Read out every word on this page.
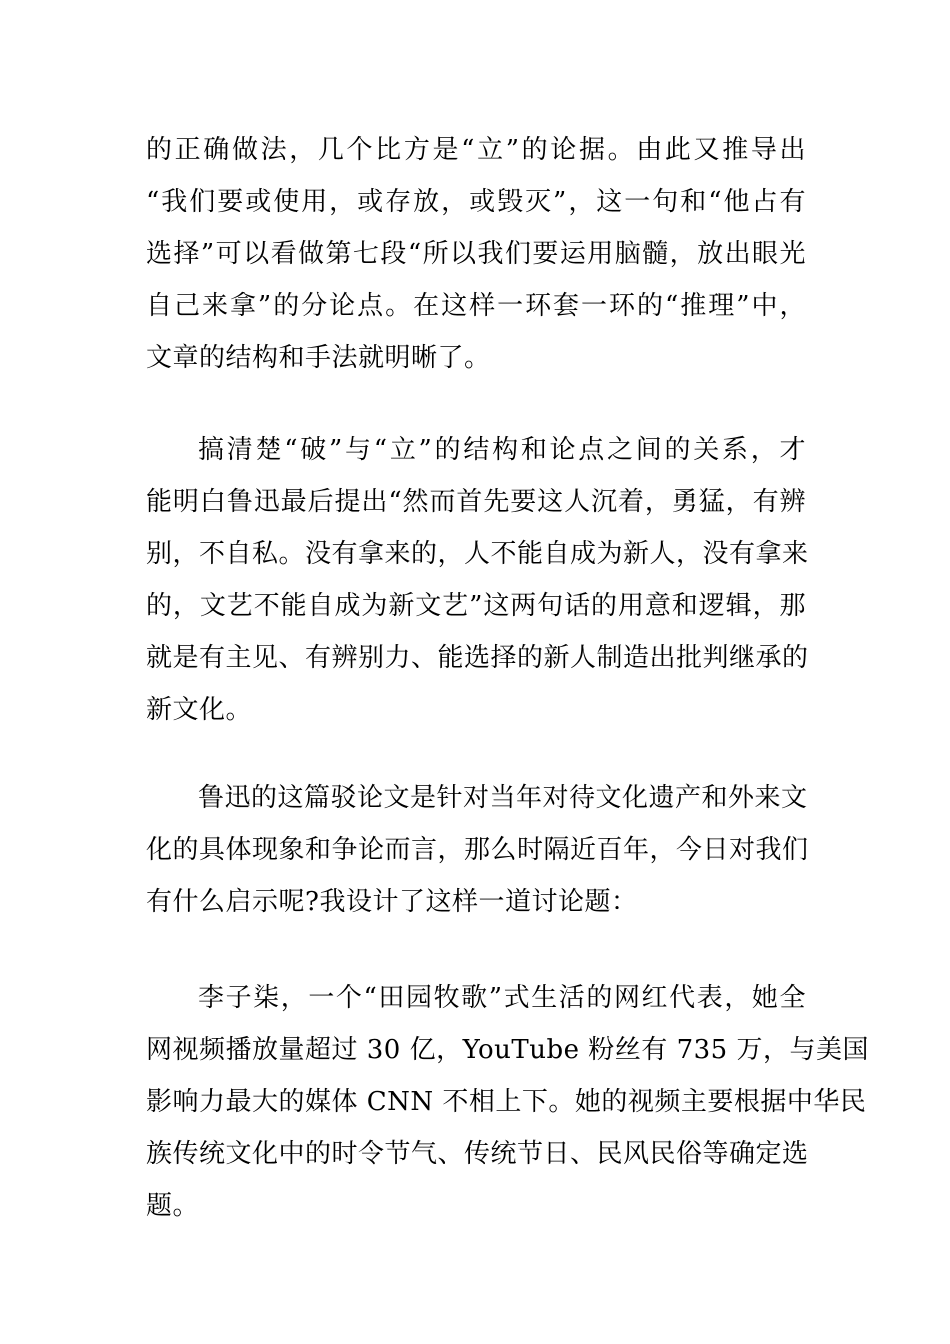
的正确做法，几个比方是“立”的论据。由此又推导出
“我们要或使用，或存放，或毁灭”，这一句和“他占有
选择”可以看做第七段“所以我们要运用脑髓，放出眼光
自己来拿”的分论点。在这样一环套一环的“推理”中，
文章的结构和手法就明晰了。
搞清楚“破”与“立”的结构和论点之间的关系，才
能明白鲁迅最后提出“然而首先要这人沉着，勇猛，有辨
别，不自私。没有拿来的，人不能自成为新人，没有拿来
的，文艺不能自成为新文艺”这两句话的用意和逻辑，那
就是有主见、有辨别力、能选择的新人制造出批判继承的
新文化。
鲁迅的这篇驳论文是针对当年对待文化遗产和外来文
化的具体现象和争论而言，那么时隔近百年，今日对我们
有什么启示呢?我设计了这样一道讨论题：
李子柒，一个“田园牧歌”式生活的网红代表，她全
网视频播放量超过 30 亿，YouTube 粉丝有 735 万，与美国
影响力最大的媒体 CNN 不相上下。她的视频主要根据中华民
族传统文化中的时令节气、传统节日、民风民俗等确定选
题。
